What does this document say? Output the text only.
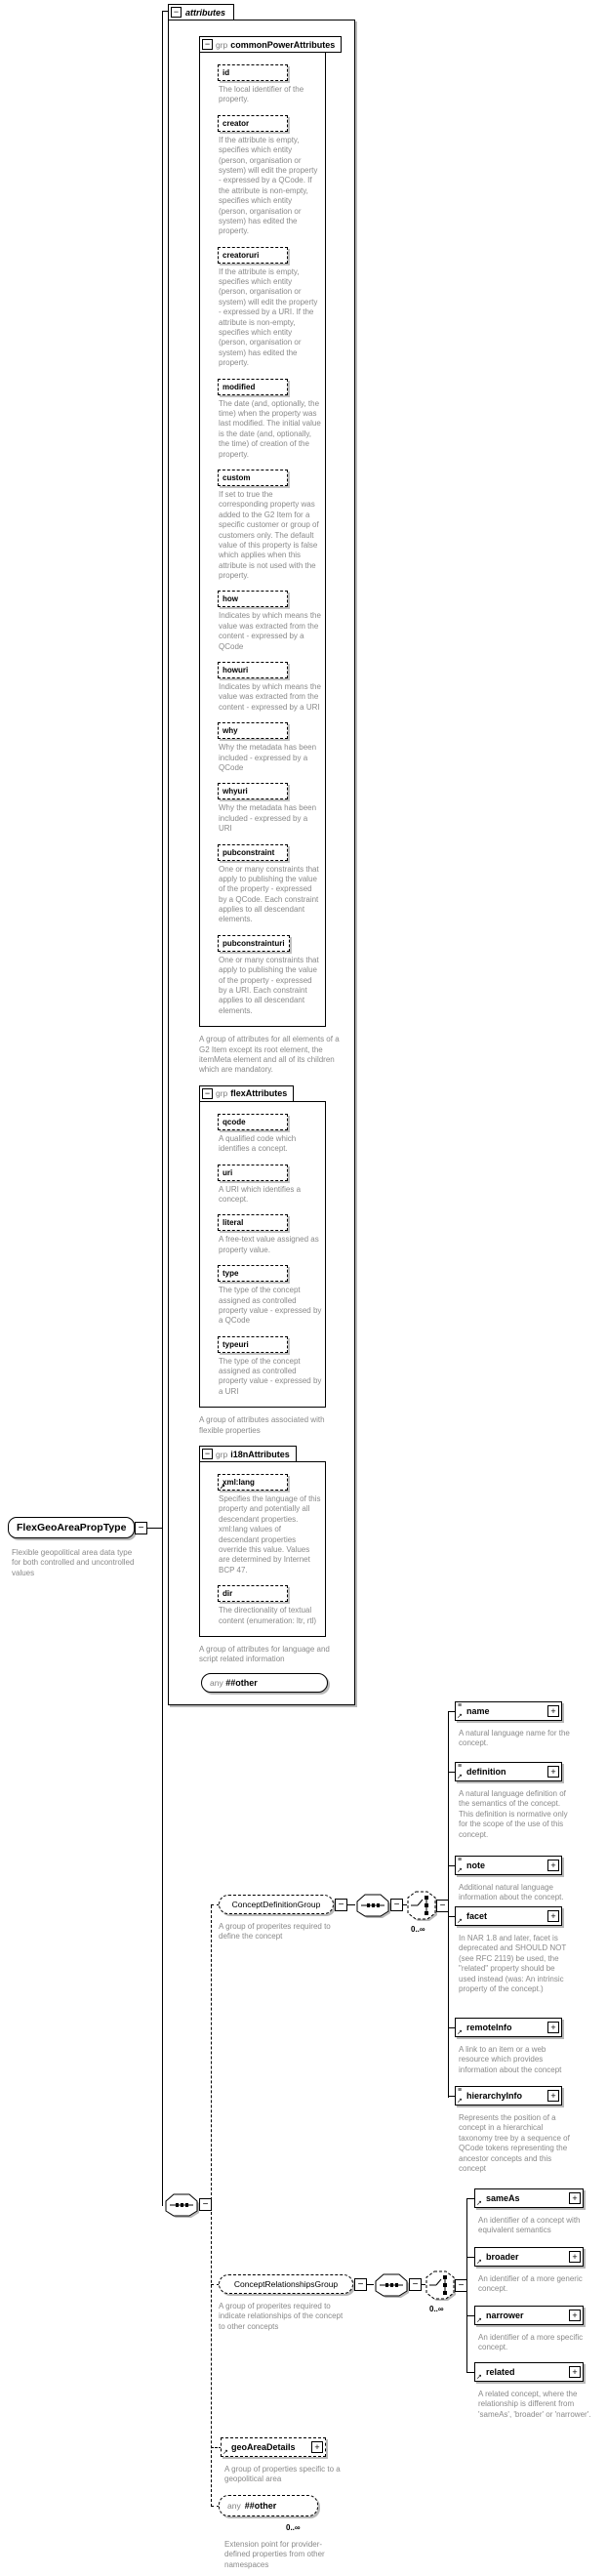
FlexGeoAreaPropType	−
Flexible geopolitical area data type for both controlled and uncontrolled values
− attributes
− grp commonPowerAttributes
id
The local identifier of the property.
creator
If the attribute is empty, specifies which entity (person, organisation or system) will edit the property - expressed by a QCode. If the attribute is non-empty, specifies which entity (person, organisation or system) has edited the property.
creatoruri
If the attribute is empty, specifies which entity (person, organisation or system) will edit the property - expressed by a URI. If the attribute is non-empty, specifies which entity (person, organisation or system) has edited the property.
modified
The date (and, optionally, the time) when the property was last modified. The initial value is the date (and, optionally, the time) of creation of the property.
custom
If set to true the corresponding property was added to the G2 Item for a specific customer or group of customers only. The default value of this property is false which applies when this attribute is not used with the property.
how
Indicates by which means the value was extracted from the content - expressed by a QCode
howuri
Indicates by which means the value was extracted from the content - expressed by a URI
why
Why the metadata has been included - expressed by a QCode
whyuri
Why the metadata has been included - expressed by a URI
pubconstraint
One or many constraints that apply to publishing the value of the property - expressed by a QCode. Each constraint applies to all descendant elements.
pubconstrainturi
One or many constraints that apply to publishing the value of the property - expressed by a URI. Each constraint applies to all descendant elements.
A group of attributes for all elements of a G2 Item except its root element, the itemMeta element and all of its children which are mandatory.
− grp flexAttributes
qcode
A qualified code which identifies a concept.
uri
A URI which identifies a concept.
literal
A free-text value assigned as property value.
type
The type of the concept assigned as controlled property value - expressed by a QCode
typeuri
The type of the concept assigned as controlled property value - expressed by a URI
A group of attributes associated with flexible properties
− grp i18nAttributes
↗
xml:lang
Specifies the language of this property and potentially all descendant properties. xml:lang values of descendant properties override this value. Values are determined by Internet BCP 47.
dir
The directionality of textual content (enumeration: ltr, rtl)
A group of attributes for language and script related information
any ##other
−
ConceptDefinitionGroup	−
A group of properites required to define the concept
−	−
0..∞
≡
↗
name	+
A natural language name for the concept.
≡
↗
definition	+
A natural language definition of the semantics of the concept. This definition is normative only for the scope of the use of this concept.
≡
↗
note	+
Additional natural language information about the concept.
↗
facet	+
In NAR 1.8 and later, facet is deprecated and SHOULD NOT (see RFC 2119) be used, the "related" property should be used instead (was: An intrinsic property of the concept.)
↗
remoteInfo	+
A link to an item or a web resource which provides information about the concept
≡
↗
hierarchyInfo	+
Represents the position of a concept in a hierarchical taxonomy tree by a sequence of QCode tokens representing the ancestor concepts and this concept
ConceptRelationshipsGroup	−
A group of properites required to indicate relationships of the concept to other concepts
−	−
0..∞
↗
sameAs	+
An identifier of a concept with equivalent semantics
↗
broader	+
An identifier of a more generic concept.
↗
narrower	+
An identifier of a more specific concept.
↗
related	+
A related concept, where the relationship is different from 'sameAs', 'broader' or 'narrower'.
↗
geoAreaDetails	+
A group of properties specific to a geopolitical area
any ##other
0..∞
Extension point for provider-defined properties from other namespaces
